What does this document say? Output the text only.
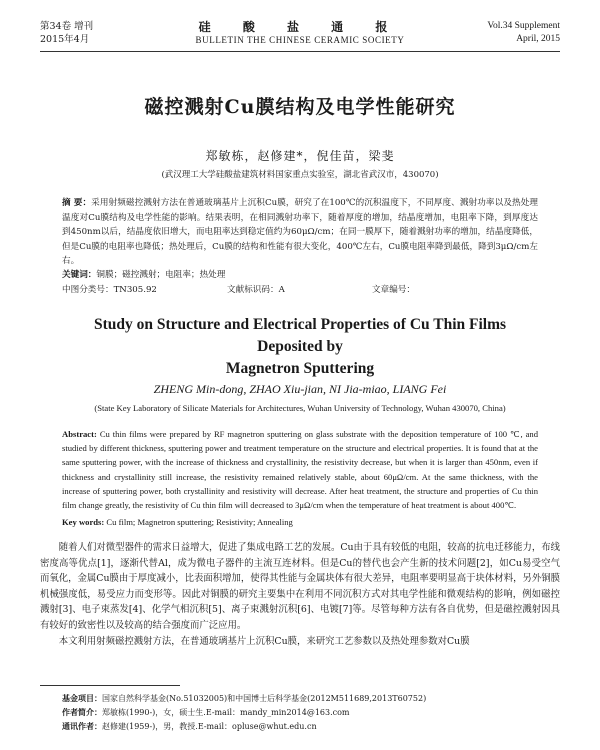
第34卷 增刊
2015年4月
硅 酸 盐 通 报
BULLETIN THE CHINESE CERAMIC SOCIETY
Vol.34 Supplement
April, 2015
磁控溅射Cu膜结构及电学性能研究
郑敏栋，赵修建*，倪佳苗，梁斐
(武汉理工大学硅酸盐建筑材料国家重点实验室，湖北省武汉市，430070)
摘 要：采用射频磁控溅射方法在普通玻璃基片上沉积Cu膜，研究了在100℃的沉积温度下，不同厚度、溅射功率以及热处理温度对Cu膜结构及电学性能的影响。结果表明，在相同溅射功率下，随着厚度的增加，结晶度增加，电阻率下降，到厚度达到450nm以后，结晶度依旧增大，而电阻率达到稳定值约为60μΩ/cm；在同一膜厚下，随着溅射功率的增加，结晶度降低，但是Cu膜的电阻率也降低；热处理后，Cu膜的结构和性能有很大变化，400℃左右，Cu膜电阻率降到最低，降到3μΩ/cm左右。
关键词：铜膜；磁控溅射；电阻率；热处理
中图分类号：TN305.92	文献标识码：A	文章编号：
Study on Structure and Electrical Properties of Cu Thin Films Deposited by
Magnetron Sputtering
ZHENG Min-dong, ZHAO Xiu-jian, NI Jia-miao, LIANG Fei
(State Key Laboratory of Silicate Materials for Architectures, Wuhan University of Technology, Wuhan 430070, China)
Abstract: Cu thin films were prepared by RF magnetron sputtering on glass substrate with the deposition temperature of 100 ℃, and studied by different thickness, sputtering power and treatment temperature on the structure and electrical properties. It is found that at the same sputtering power, with the increase of thickness and crystallinity, the resistivity decrease, but when it is larger than 450nm, even if thickness and crystallinity still increase, the resistivity remained relatively stable, about 60μΩ/cm. At the same thickness, with the increase of sputtering power, both crystallinity and resistivity will decrease. After heat treatment, the structure and properties of Cu thin film change greatly, the resistivity of Cu thin film will decreased to 3μΩ/cm when the temperature of heat treatment is about 400℃.
Key words: Cu film; Magnetron sputtering; Resistivity; Annealing

随着人们对微型器件的需求日益增大，促进了集成电路工艺的发展。Cu由于具有较低的电阻，较高的抗电迁移能力，布线密度高等优点[1]，逐渐代替Al，成为微电子器件的主流互连材料。但是Cu的替代也会产生新的技术问题[2]，如Cu易受空气而氧化，金属Cu膜由于厚度减小，比表面积增加，使得其性能与金属块体有很大差异，电阻率要明显高于块体材料，另外铜膜机械强度低，易受应力而变形等。因此对铜膜的研究主要集中在利用不同沉积方式对其电学性能和微观结构的影响，例如磁控溅射[3]、电子束蒸发[4]、化学气相沉积[5]、离子束溅射沉积[6]、电镀[7]等。尽管每种方法有各自优势，但是磁控溅射因具有较好的致密性以及较高的结合强度而广泛应用。

本文利用射频磁控溅射方法，在普通玻璃基片上沉积Cu膜，来研究工艺参数以及热处理参数对Cu膜

基金项目：国家自然科学基金(No.51032005)和中国博士后科学基金(2012M511689,2013T60752)
作者简介：郑敏栋(1990-)，女，硕士生.E-mail：mandy_min2014@163.com
通讯作者：赵修建(1959-)，男，教授.E-mail：opluse@whut.edu.cn
